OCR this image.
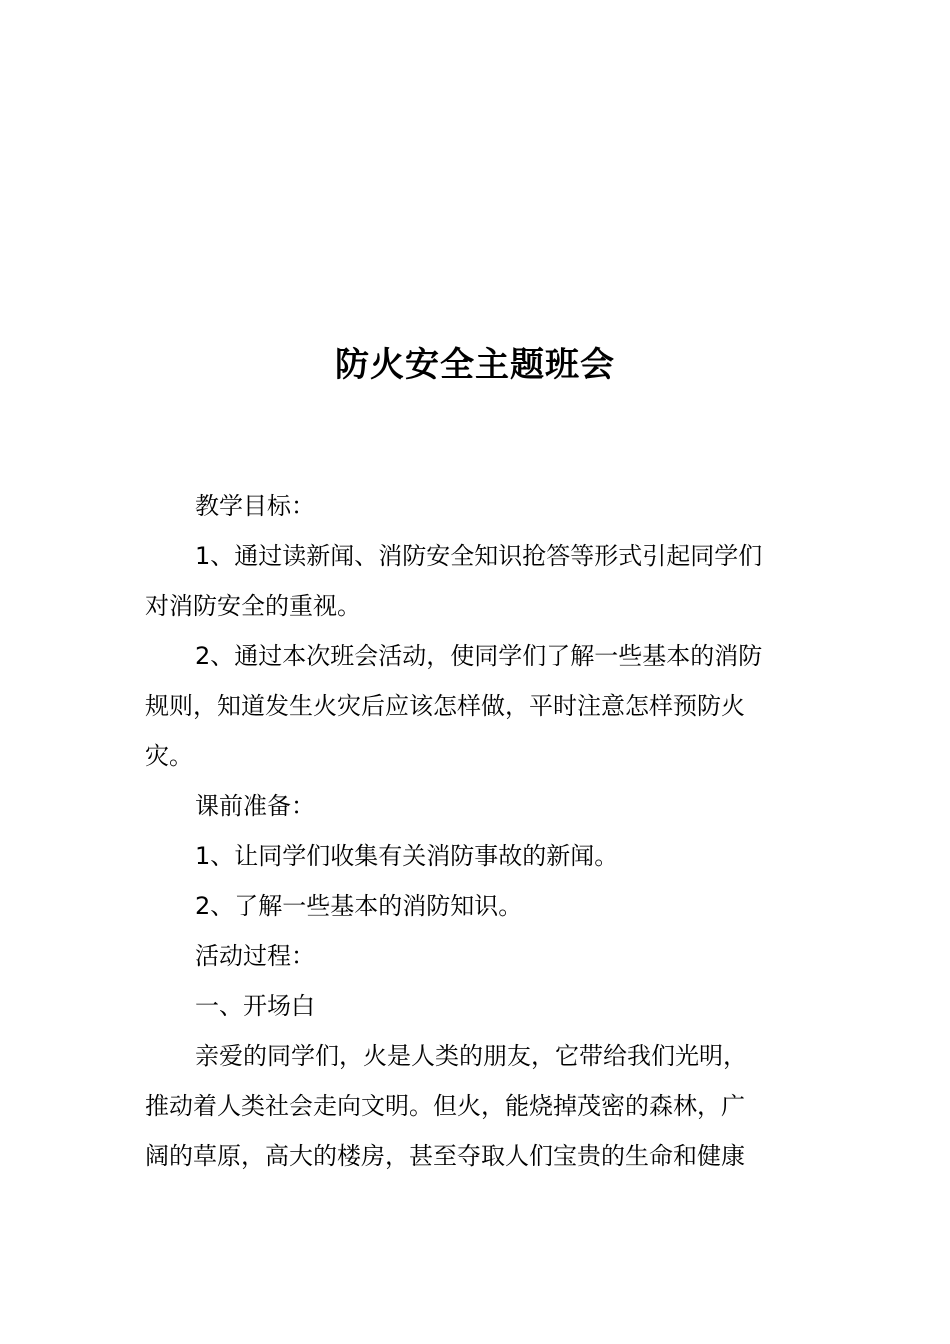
防火安全主题班会
教学目标：
1、通过读新闻、消防安全知识抢答等形式引起同学们
对消防安全的重视。
2、通过本次班会活动，使同学们了解一些基本的消防
规则，知道发生火灾后应该怎样做，平时注意怎样预防火
灾。
课前准备：
1、让同学们收集有关消防事故的新闻。
2、了解一些基本的消防知识。
活动过程：
一、开场白
亲爱的同学们，火是人类的朋友，它带给我们光明，
推动着人类社会走向文明。但火，能烧掉茂密的森林，广
阔的草原，高大的楼房，甚至夺取人们宝贵的生命和健康
